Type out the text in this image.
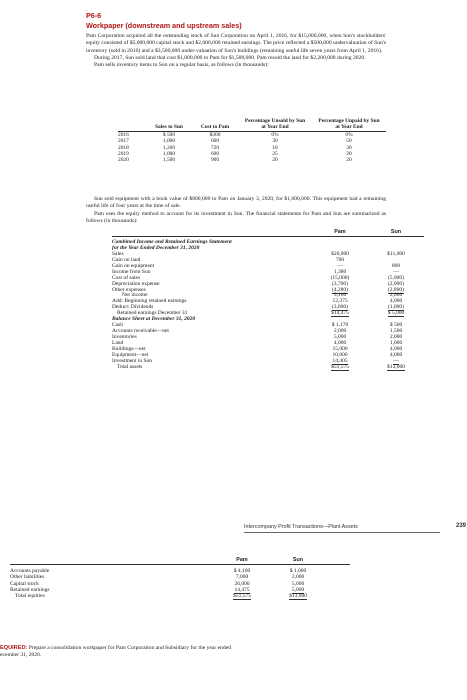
P6-6
Workpaper (downstream and upstream sales)

Pam Corporation acquired all the outstanding stock of Sun Corporation on April 1, 2016, for $15,000,000, when Sun's stockholders' equity consisted of $5,000,000 capital stock and $2,000,000 retained earnings. The price reflected a $500,000 undervaluation of Sun's inventory (sold in 2016) and a $3,500,000 under-valuation of Sun's buildings (remaining useful life seven years from April 1, 2016).

During 2017, Sun sold land that cost $1,000,000 to Pam for $1,500,000. Pam resold the land for $2,200,000 during 2020.

Pam sells inventory items to Sun on a regular basis, as follows (in thousands):

	Sales to Sun	Cost to Pam	Percentage Unsold by Sun at Year End	Percentage Unpaid by Sun at Year End
2016	$ 500	$300	0%	0%
2017	1,000	600	30	50
2018	1,200	720	18	30
2019	1,000	600	25	20
2020	1,500	900	20	20

Sun sold equipment with a book value of $800,000 to Pam on January 3, 2020, for $1,600,000. This equipment had a remaining useful life of four years at the time of sale.

Pam uses the equity method to account for its investment in Sun. The financial statements for Pam and Sun are summarized as follows (in thousands):

Pam	Sun
Combined Income and Retained Earnings Statement
for the Year Ended December 31, 2020
Sales	$26,000	$11,000
Gain on land	700
Gain on equipment	—	800
Income from Sun	1,380	—
Cost of sales	(15,000)	(5,000)
Depreciation expense	(3,700)	(2,000)
Other expenses	(4,280)	(2,800)
Net income	5,100	2,000
Add: Beginning retained earnings	12,375	4,000
Deduct: Dividends	(3,000)	(1,000)
Retained earnings December 31	$14,475	$ 5,000
Balance Sheet at December 31, 2020
Cash	$ 1,170	$ 500
Accounts receivable—net	2,000	1,500
Inventories	5,000	2,000
Land	4,000	1,000
Buildings—net	15,000	4,000
Equipment—net	10,000	4,000
Investment in Sun	14,405	—
Total assets	$51,575	$13,000
Intercompany Profit Transactions—Plant Assets	239
Pam	Sun
Accounts payable	$ 4,100	$ 1,000
Other liabilities	7,000	2,000
Capital stock	26,000	5,000
Retained earnings	14,475	5,000
Total equities	$51,575	$13,000
EQUIRED: Prepare a consolidation workpaper for Pam Corporation and Subsidiary for the year ended
ecember 31, 2020.
